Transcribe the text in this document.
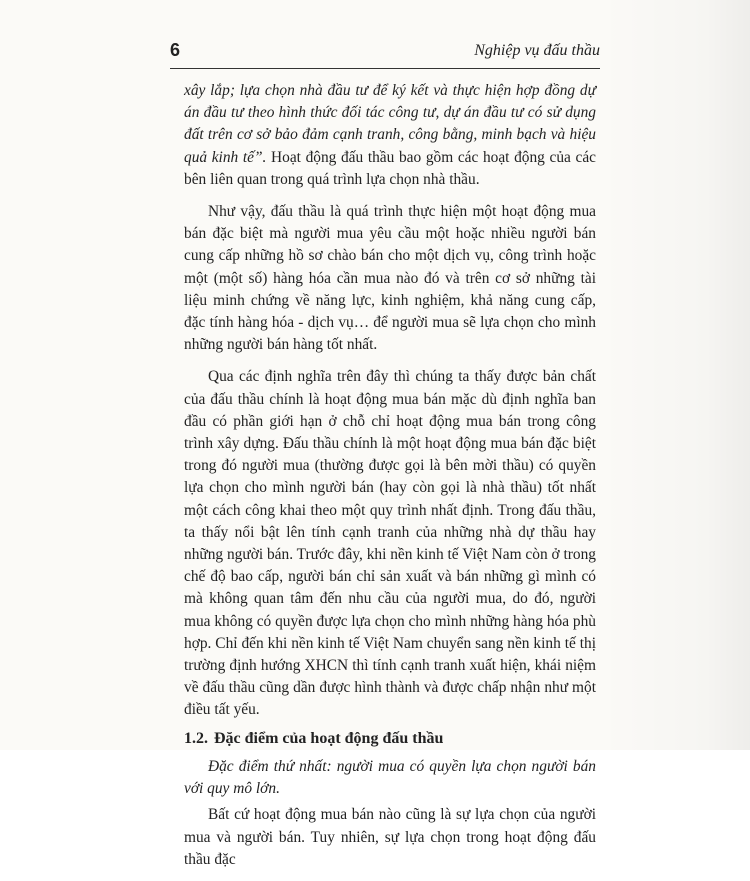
6	Nghiệp vụ đấu thầu

xây lắp; lựa chọn nhà đầu tư để ký kết và thực hiện hợp đồng dự án đầu tư theo hình thức đối tác công tư, dự án đầu tư có sử dụng đất trên cơ sở bảo đảm cạnh tranh, công bằng, minh bạch và hiệu quả kinh tế”. Hoạt động đấu thầu bao gồm các hoạt động của các bên liên quan trong quá trình lựa chọn nhà thầu.

Như vậy, đấu thầu là quá trình thực hiện một hoạt động mua bán đặc biệt mà người mua yêu cầu một hoặc nhiều người bán cung cấp những hồ sơ chào bán cho một dịch vụ, công trình hoặc một (một số) hàng hóa cần mua nào đó và trên cơ sở những tài liệu minh chứng về năng lực, kinh nghiệm, khả năng cung cấp, đặc tính hàng hóa - dịch vụ… để người mua sẽ lựa chọn cho mình những người bán hàng tốt nhất.

Qua các định nghĩa trên đây thì chúng ta thấy được bản chất của đấu thầu chính là hoạt động mua bán mặc dù định nghĩa ban đầu có phần giới hạn ở chỗ chỉ hoạt động mua bán trong công trình xây dựng. Đấu thầu chính là một hoạt động mua bán đặc biệt trong đó người mua (thường được gọi là bên mời thầu) có quyền lựa chọn cho mình người bán (hay còn gọi là nhà thầu) tốt nhất một cách công khai theo một quy trình nhất định. Trong đấu thầu, ta thấy nổi bật lên tính cạnh tranh của những nhà dự thầu hay những người bán. Trước đây, khi nền kinh tế Việt Nam còn ở trong chế độ bao cấp, người bán chỉ sản xuất và bán những gì mình có mà không quan tâm đến nhu cầu của người mua, do đó, người mua không có quyền được lựa chọn cho mình những hàng hóa phù hợp. Chỉ đến khi nền kinh tế Việt Nam chuyển sang nền kinh tế thị trường định hướng XHCN thì tính cạnh tranh xuất hiện, khái niệm về đấu thầu cũng dần được hình thành và được chấp nhận như một điều tất yếu.

1.2. Đặc điểm của hoạt động đấu thầu

Đặc điểm thứ nhất: người mua có quyền lựa chọn người bán với quy mô lớn.

Bất cứ hoạt động mua bán nào cũng là sự lựa chọn của người mua và người bán. Tuy nhiên, sự lựa chọn trong hoạt động đấu thầu đặc
